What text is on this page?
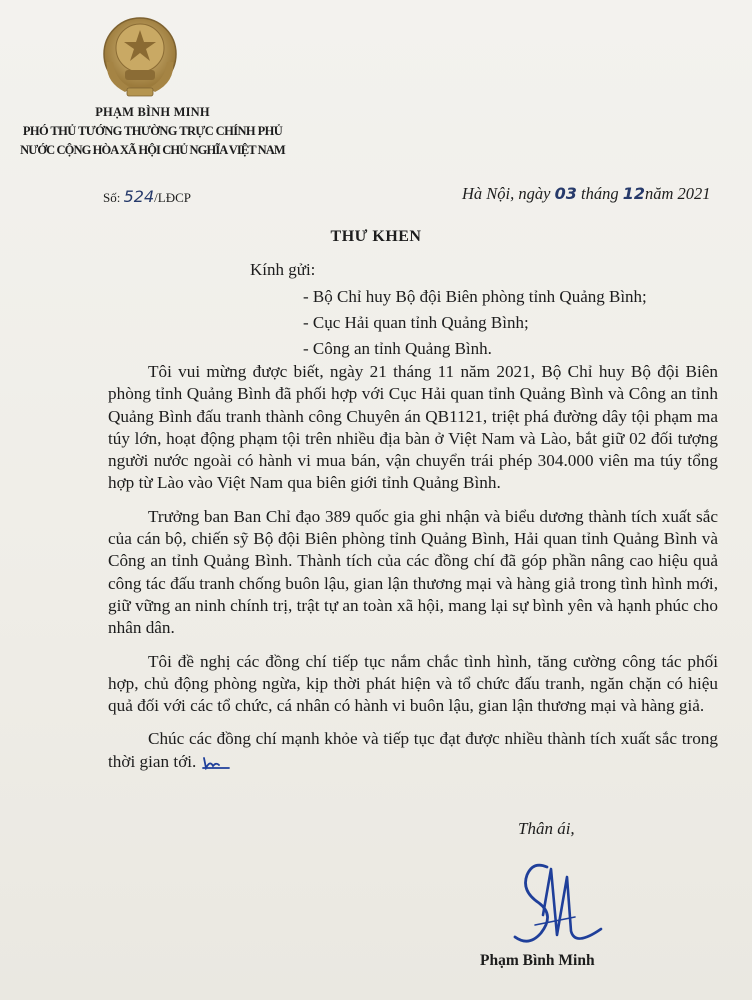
PHẠM BÌNH MINH
PHÓ THỦ TƯỚNG THƯỜNG TRỰC CHÍNH PHỦ
NƯỚC CỘNG HÒA XÃ HỘI CHỦ NGHĨA VIỆT NAM
Số: 524/LĐCP	Hà Nội, ngày 03 tháng 12năm 2021
THƯ KHEN
Kính gửi:
- Bộ Chỉ huy Bộ đội Biên phòng tỉnh Quảng Bình;
- Cục Hải quan tỉnh Quảng Bình;
- Công an tỉnh Quảng Bình.

Tôi vui mừng được biết, ngày 21 tháng 11 năm 2021, Bộ Chỉ huy Bộ đội Biên phòng tỉnh Quảng Bình đã phối hợp với Cục Hải quan tỉnh Quảng Bình và Công an tỉnh Quảng Bình đấu tranh thành công Chuyên án QB1121, triệt phá đường dây tội phạm ma túy lớn, hoạt động phạm tội trên nhiều địa bàn ở Việt Nam và Lào, bắt giữ 02 đối tượng người nước ngoài có hành vi mua bán, vận chuyển trái phép 304.000 viên ma túy tổng hợp từ Lào vào Việt Nam qua biên giới tỉnh Quảng Bình.

Trưởng ban Ban Chỉ đạo 389 quốc gia ghi nhận và biểu dương thành tích xuất sắc của cán bộ, chiến sỹ Bộ đội Biên phòng tỉnh Quảng Bình, Hải quan tỉnh Quảng Bình và Công an tỉnh Quảng Bình. Thành tích của các đồng chí đã góp phần nâng cao hiệu quả công tác đấu tranh chống buôn lậu, gian lận thương mại và hàng giả trong tình hình mới, giữ vững an ninh chính trị, trật tự an toàn xã hội, mang lại sự bình yên và hạnh phúc cho nhân dân.

Tôi đề nghị các đồng chí tiếp tục nắm chắc tình hình, tăng cường công tác phối hợp, chủ động phòng ngừa, kịp thời phát hiện và tổ chức đấu tranh, ngăn chặn có hiệu quả đối với các tổ chức, cá nhân có hành vi buôn lậu, gian lận thương mại và hàng giả.

Chúc các đồng chí mạnh khỏe và tiếp tục đạt được nhiều thành tích xuất sắc trong thời gian tới.

Thân ái,
Phạm Bình Minh
